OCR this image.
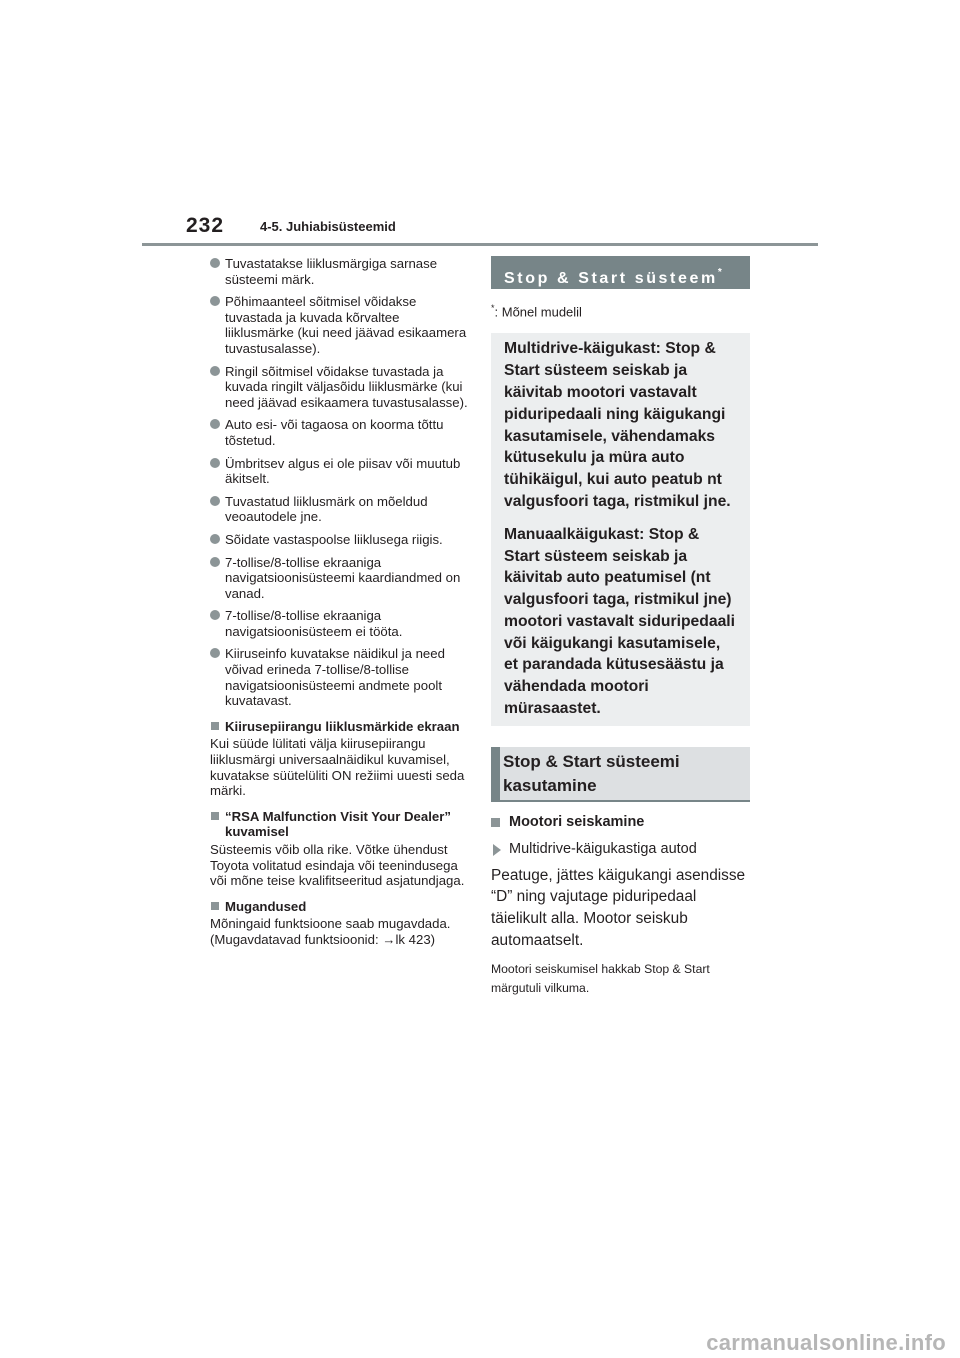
232	4-5. Juhiabisüsteemid
Tuvastatakse liiklusmärgiga sarnase süsteemi märk.
Põhimaanteel sõitmisel võidakse tuvastada ja kuvada kõrvaltee liiklusmärke (kui need jäävad esikaamera tuvastusalasse).
Ringil sõitmisel võidakse tuvastada ja kuvada ringilt väljasõidu liiklusmärke (kui need jäävad esikaamera tuvastusalasse).
Auto esi- või tagaosa on koorma tõttu tõstetud.
Ümbritsev algus ei ole piisav või muutub äkitselt.
Tuvastatud liiklusmärk on mõeldud veoautodele jne.
Sõidate vastaspoolse liiklusega riigis.
7-tollise/8-tollise ekraaniga navigatsioonisüsteemi kaardiandmed on vanad.
7-tollise/8-tollise ekraaniga navigatsioonisüsteem ei tööta.
Kiiruseinfo kuvatakse näidikul ja need võivad erineda 7-tollise/8-tollise navigatsioonisüsteemi andmete poolt kuvatavast.
Kiirusepiirangu liiklusmärkide ekraan
Kui süüde lülitati välja kiirusepiirangu liiklusmärgi universaalnäidikul kuvamisel, kuvatakse süütelüliti ON režiimi uuesti seda märki.
“RSA Malfunction Visit Your Dealer” kuvamisel
Süsteemis võib olla rike. Võtke ühendust Toyota volitatud esindaja või teenindusega või mõne teise kvalifitseeritud asjatundjaga.
Mugandused
Mõningaid funktsioone saab mugavdada. (Mugavdatavad funktsioonid: →lk 423)
Stop & Start süsteem*
*: Mõnel mudelil

Multidrive-käigukast: Stop & Start süsteem seiskab ja käivitab mootori vastavalt piduripedaali ning käigukangi kasutamisele, vähendamaks kütusekulu ja müra auto tühikäigul, kui auto peatub nt valgusfoori taga, ristmikul jne.

Manuaalkäigukast: Stop & Start süsteem seiskab ja käivitab auto peatumisel (nt valgusfoori taga, ristmikul jne) mootori vastavalt siduripedaali või käigukangi kasutamisele, et parandada kütusesäästu ja vähendada mootori mürasaastet.

Stop & Start süsteemi kasutamine
Mootori seiskamine
Multidrive-käigukastiga autod
Peatuge, jättes käigukangi asendisse “D” ning vajutage piduripedaal täielikult alla. Mootor seiskub automaatselt.
Mootori seiskumisel hakkab Stop & Start märgutuli vilkuma.
carmanualsonline.info
